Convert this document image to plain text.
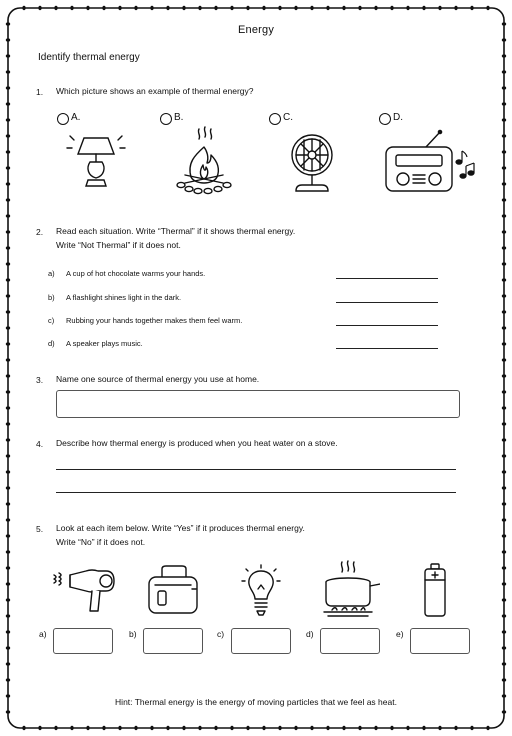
Energy
Identify thermal energy
1. Which picture shows an example of thermal energy?
A.	B.	C.	D.
2. Read each situation. Write “Thermal” if it shows thermal energy.
Write “Not Thermal” if it does not.
a) A cup of hot chocolate warms your hands.
b) A flashlight shines light in the dark.
c) Rubbing your hands together makes them feel warm.
d) A speaker plays music.
3. Name one source of thermal energy you use at home.
4. Describe how thermal energy is produced when you heat water on a stove.
5. Look at each item below. Write “Yes” if it produces thermal energy.
Write “No” if it does not.
a)	b)	c)	d)	e)
Hint: Thermal energy is the energy of moving particles that we feel as heat.
